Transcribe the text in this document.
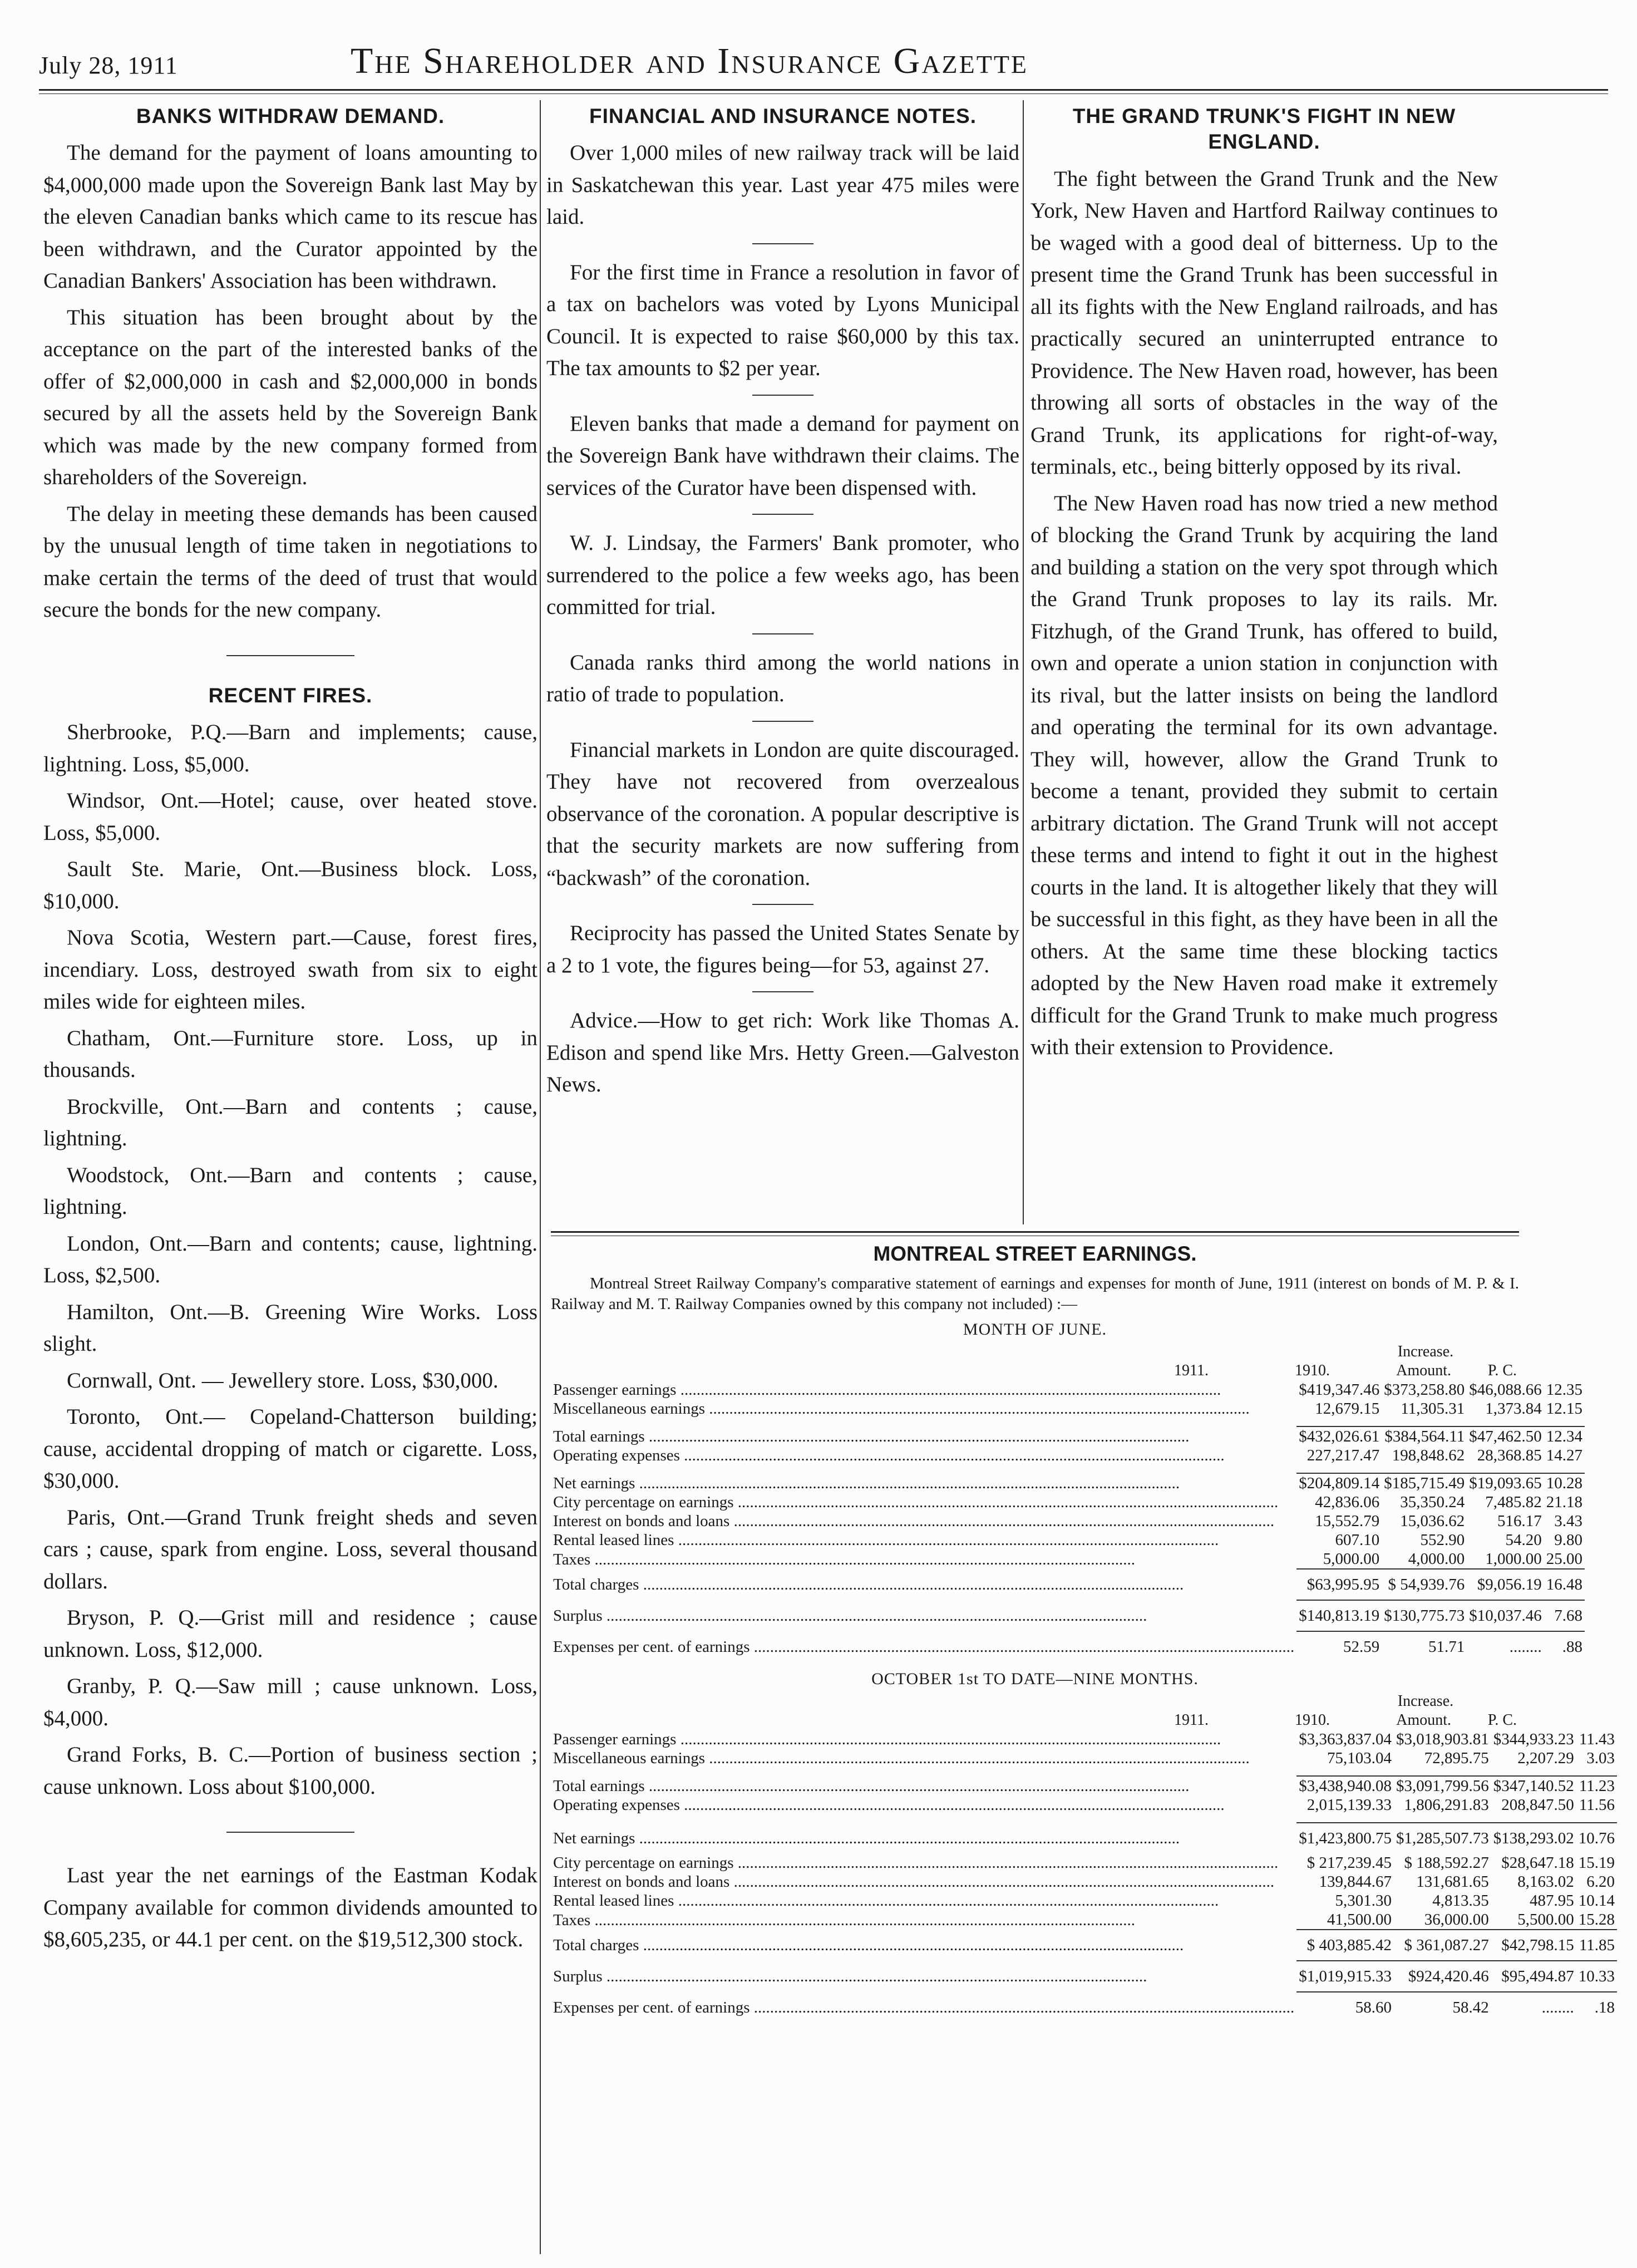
July 28, 1911	The Shareholder and Insurance Gazette
BANKS WITHDRAW DEMAND.

The demand for the payment of loans amounting to $4,000,000 made upon the Sovereign Bank last May by the eleven Canadian banks which came to its rescue has been withdrawn, and the Curator appointed by the Canadian Bankers' Association has been withdrawn.

This situation has been brought about by the acceptance on the part of the interested banks of the offer of $2,000,000 in cash and $2,000,000 in bonds secured by all the assets held by the Sovereign Bank which was made by the new company formed from shareholders of the Sovereign.

The delay in meeting these demands has been caused by the unusual length of time taken in negotiations to make certain the terms of the deed of trust that would secure the bonds for the new company.

RECENT FIRES.

Sherbrooke, P.Q.—Barn and implements; cause, lightning. Loss, $5,000.

Windsor, Ont.—Hotel; cause, over heated stove. Loss, $5,000.

Sault Ste. Marie, Ont.—Business block. Loss, $10,000.

Nova Scotia, Western part.—Cause, forest fires, incendiary. Loss, destroyed swath from six to eight miles wide for eighteen miles.

Chatham, Ont.—Furniture store. Loss, up in thousands.

Brockville, Ont.—Barn and contents ; cause, lightning.

Woodstock, Ont.—Barn and contents ; cause, lightning.

London, Ont.—Barn and contents; cause, lightning. Loss, $2,500.

Hamilton, Ont.—B. Greening Wire Works. Loss slight.

Cornwall, Ont. — Jewellery store. Loss, $30,000.

Toronto, Ont.— Copeland-Chatterson building; cause, accidental dropping of match or cigarette. Loss, $30,000.

Paris, Ont.—Grand Trunk freight sheds and seven cars ; cause, spark from engine. Loss, several thousand dollars.

Bryson, P. Q.—Grist mill and residence ; cause unknown. Loss, $12,000.

Granby, P. Q.—Saw mill ; cause unknown. Loss, $4,000.

Grand Forks, B. C.—Portion of business section ; cause unknown. Loss about $100,000.

Last year the net earnings of the Eastman Kodak Company available for common dividends amounted to $8,605,235, or 44.1 per cent. on the $19,512,300 stock.

FINANCIAL AND INSURANCE NOTES.

Over 1,000 miles of new railway track will be laid in Saskatchewan this year. Last year 475 miles were laid.

For the first time in France a resolution in favor of a tax on bachelors was voted by Lyons Municipal Council. It is expected to raise $60,000 by this tax. The tax amounts to $2 per year.

Eleven banks that made a demand for payment on the Sovereign Bank have withdrawn their claims. The services of the Curator have been dispensed with.

W. J. Lindsay, the Farmers' Bank promoter, who surrendered to the police a few weeks ago, has been committed for trial.

Canada ranks third among the world nations in ratio of trade to population.

Financial markets in London are quite discouraged. They have not recovered from overzealous observance of the coronation. A popular descriptive is that the security markets are now suffering from “backwash” of the coronation.

Reciprocity has passed the United States Senate by a 2 to 1 vote, the figures being—for 53, against 27.

Advice.—How to get rich: Work like Thomas A. Edison and spend like Mrs. Hetty Green.—Galveston News.

THE GRAND TRUNK'S FIGHT IN NEW ENGLAND.

The fight between the Grand Trunk and the New York, New Haven and Hartford Railway continues to be waged with a good deal of bitterness. Up to the present time the Grand Trunk has been successful in all its fights with the New England railroads, and has practically secured an uninterrupted entrance to Providence. The New Haven road, however, has been throwing all sorts of obstacles in the way of the Grand Trunk, its applications for right-of-way, terminals, etc., being bitterly opposed by its rival.

The New Haven road has now tried a new method of blocking the Grand Trunk by acquiring the land and building a station on the very spot through which the Grand Trunk proposes to lay its rails. Mr. Fitzhugh, of the Grand Trunk, has offered to build, own and operate a union station in conjunction with its rival, but the latter insists on being the landlord and operating the terminal for its own advantage. They will, however, allow the Grand Trunk to become a tenant, provided they submit to certain arbitrary dictation. The Grand Trunk will not accept these terms and intend to fight it out in the highest courts in the land. It is altogether likely that they will be successful in this fight, as they have been in all the others. At the same time these blocking tactics adopted by the New Haven road make it extremely difficult for the Grand Trunk to make much progress with their extension to Providence.

MONTREAL STREET EARNINGS.

Montreal Street Railway Company's comparative statement of earnings and expenses for month of June, 1911 (interest on bonds of M. P. & I. Railway and M. T. Railway Companies owned by this company not included) :—

MONTH OF JUNE.
			Increase.	
	1911.	1910.	Amount.	P. C.
Passenger earnings .....	$419,347.46	$373,258.80	$46,088.66	12.35
Miscellaneous earnings .....	12,679.15	11,305.31	1,373.84	12.15

Total earnings .....	$432,026.61	$384,564.11	$47,462.50	12.34
Operating expenses .....	227,217.47	198,848.62	28,368.85	14.27

Net earnings .....	$204,809.14	$185,715.49	$19,093.65	10.28
City percentage on earnings .....	42,836.06	35,350.24	7,485.82	21.18
Interest on bonds and loans .....	15,552.79	15,036.62	516.17	3.43
Rental leased lines .....	607.10	552.90	54.20	9.80
Taxes .....	5,000.00	4,000.00	1,000.00	25.00
Total charges .....	$63,995.95	$ 54,939.76	$9,056.19	16.48
Surplus .....	$140,813.19	$130,775.73	$10,037.46	7.68
Expenses per cent. of earnings .....	52.59	51.71	........	.88
OCTOBER 1st TO DATE—NINE MONTHS.
			Increase.	
	1911.	1910.	Amount.	P. C.
Passenger earnings .....	$3,363,837.04	$3,018,903.81	$344,933.23	11.43
Miscellaneous earnings .....	75,103.04	72,895.75	2,207.29	3.03

Total earnings .....	$3,438,940.08	$3,091,799.56	$347,140.52	11.23
Operating expenses .....	2,015,139.33	1,806,291.83	208,847.50	11.56

Net earnings .....	$1,423,800.75	$1,285,507.73	$138,293.02	10.76
City percentage on earnings .....	$ 217,239.45	$ 188,592.27	$28,647.18	15.19
Interest on bonds and loans .....	139,844.67	131,681.65	8,163.02	6.20
Rental leased lines .....	5,301.30	4,813.35	487.95	10.14
Taxes .....	41,500.00	36,000.00	5,500.00	15.28
Total charges .....	$ 403,885.42	$ 361,087.27	$42,798.15	11.85
Surplus .....	$1,019,915.33	$924,420.46	$95,494.87	10.33
Expenses per cent. of earnings .....	58.60	58.42	........	.18
